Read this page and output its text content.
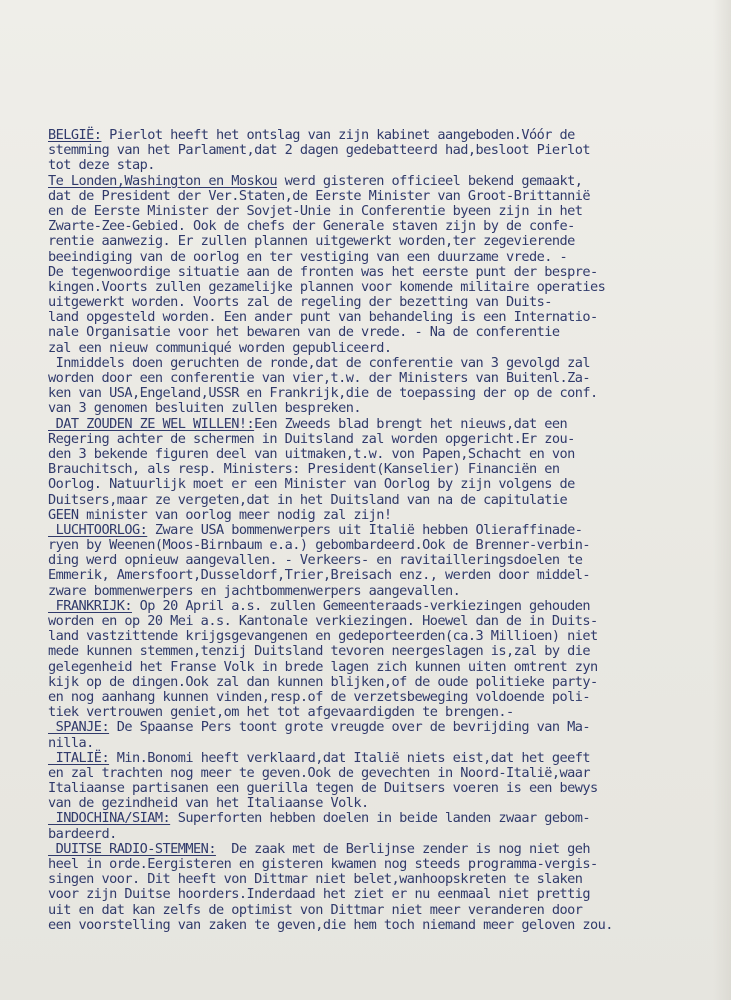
BELGIË: Pierlot heeft het ontslag van zijn kabinet aangeboden.Vóór de
stemming van het Parlament,dat 2 dagen gedebatteerd had,besloot Pierlot
tot deze stap.
Te Londen,Washington en Moskou werd gisteren officieel bekend gemaakt,
dat de President der Ver.Staten,de Eerste Minister van Groot-Brittannië
en de Eerste Minister der Sovjet-Unie in Conferentie byeen zijn in het
Zwarte-Zee-Gebied. Ook de chefs der Generale staven zijn by de confe-
rentie aanwezig. Er zullen plannen uitgewerkt worden,ter zegevierende
beeindiging van de oorlog en ter vestiging van een duurzame vrede. -
De tegenwoordige situatie aan de fronten was het eerste punt der bespre-
kingen.Voorts zullen gezamelijke plannen voor komende militaire operaties
uitgewerkt worden. Voorts zal de regeling der bezetting van Duits-
land opgesteld worden. Een ander punt van behandeling is een Internatio-
nale Organisatie voor het bewaren van de vrede. - Na de conferentie
zal een nieuw communiqué worden gepubliceerd.
Inmiddels doen geruchten de ronde,dat de conferentie van 3 gevolgd zal
worden door een conferentie van vier,t.w. der Ministers van Buitenl.Za-
ken van USA,Engeland,USSR en Frankrijk,die de toepassing der op de conf.
van 3 genomen besluiten zullen bespreken.
DAT ZOUDEN ZE WEL WILLEN!:Een Zweeds blad brengt het nieuws,dat een
Regering achter de schermen in Duitsland zal worden opgericht.Er zou-
den 3 bekende figuren deel van uitmaken,t.w. von Papen,Schacht en von
Brauchitsch, als resp. Ministers: President(Kanselier) Financiën en
Oorlog. Natuurlijk moet er een Minister van Oorlog by zijn volgens de
Duitsers,maar ze vergeten,dat in het Duitsland van na de capitulatie
GEEN minister van oorlog meer nodig zal zijn!
LUCHTOORLOG: Zware USA bommenwerpers uit Italië hebben Olieraffinade-
ryen by Weenen(Moos-Birnbaum e.a.) gebombardeerd.Ook de Brenner-verbin-
ding werd opnieuw aangevallen. - Verkeers- en ravitailleringsdoelen te
Emmerik, Amersfoort,Dusseldorf,Trier,Breisach enz., werden door middel-
zware bommenwerpers en jachtbommenwerpers aangevallen.
FRANKRIJK: Op 20 April a.s. zullen Gemeenteraads-verkiezingen gehouden
worden en op 20 Mei a.s. Kantonale verkiezingen. Hoewel dan de in Duits-
land vastzittende krijgsgevangenen en gedeporteerden(ca.3 Millioen) niet
mede kunnen stemmen,tenzij Duitsland tevoren neergeslagen is,zal by die
gelegenheid het Franse Volk in brede lagen zich kunnen uiten omtrent zyn
kijk op de dingen.Ook zal dan kunnen blijken,of de oude politieke party-
en nog aanhang kunnen vinden,resp.of de verzetsbeweging voldoende poli-
tiek vertrouwen geniet,om het tot afgevaardigden te brengen.-
SPANJE: De Spaanse Pers toont grote vreugde over de bevrijding van Ma-
nilla.
ITALIË: Min.Bonomi heeft verklaard,dat Italië niets eist,dat het geeft
en zal trachten nog meer te geven.Ook de gevechten in Noord-Italië,waar
Italiaanse partisanen een guerilla tegen de Duitsers voeren is een bewys
van de gezindheid van het Italiaanse Volk.
INDOCHINA/SIAM: Superforten hebben doelen in beide landen zwaar gebom-
bardeerd.
DUITSE RADIO-STEMMEN:  De zaak met de Berlijnse zender is nog niet geh
heel in orde.Eergisteren en gisteren kwamen nog steeds programma-vergis-
singen voor. Dit heeft von Dittmar niet belet,wanhoopskreten te slaken
voor zijn Duitse hoorders.Inderdaad het ziet er nu eenmaal niet prettig
uit en dat kan zelfs de optimist von Dittmar niet meer veranderen door
een voorstelling van zaken te geven,die hem toch niemand meer geloven zou.
